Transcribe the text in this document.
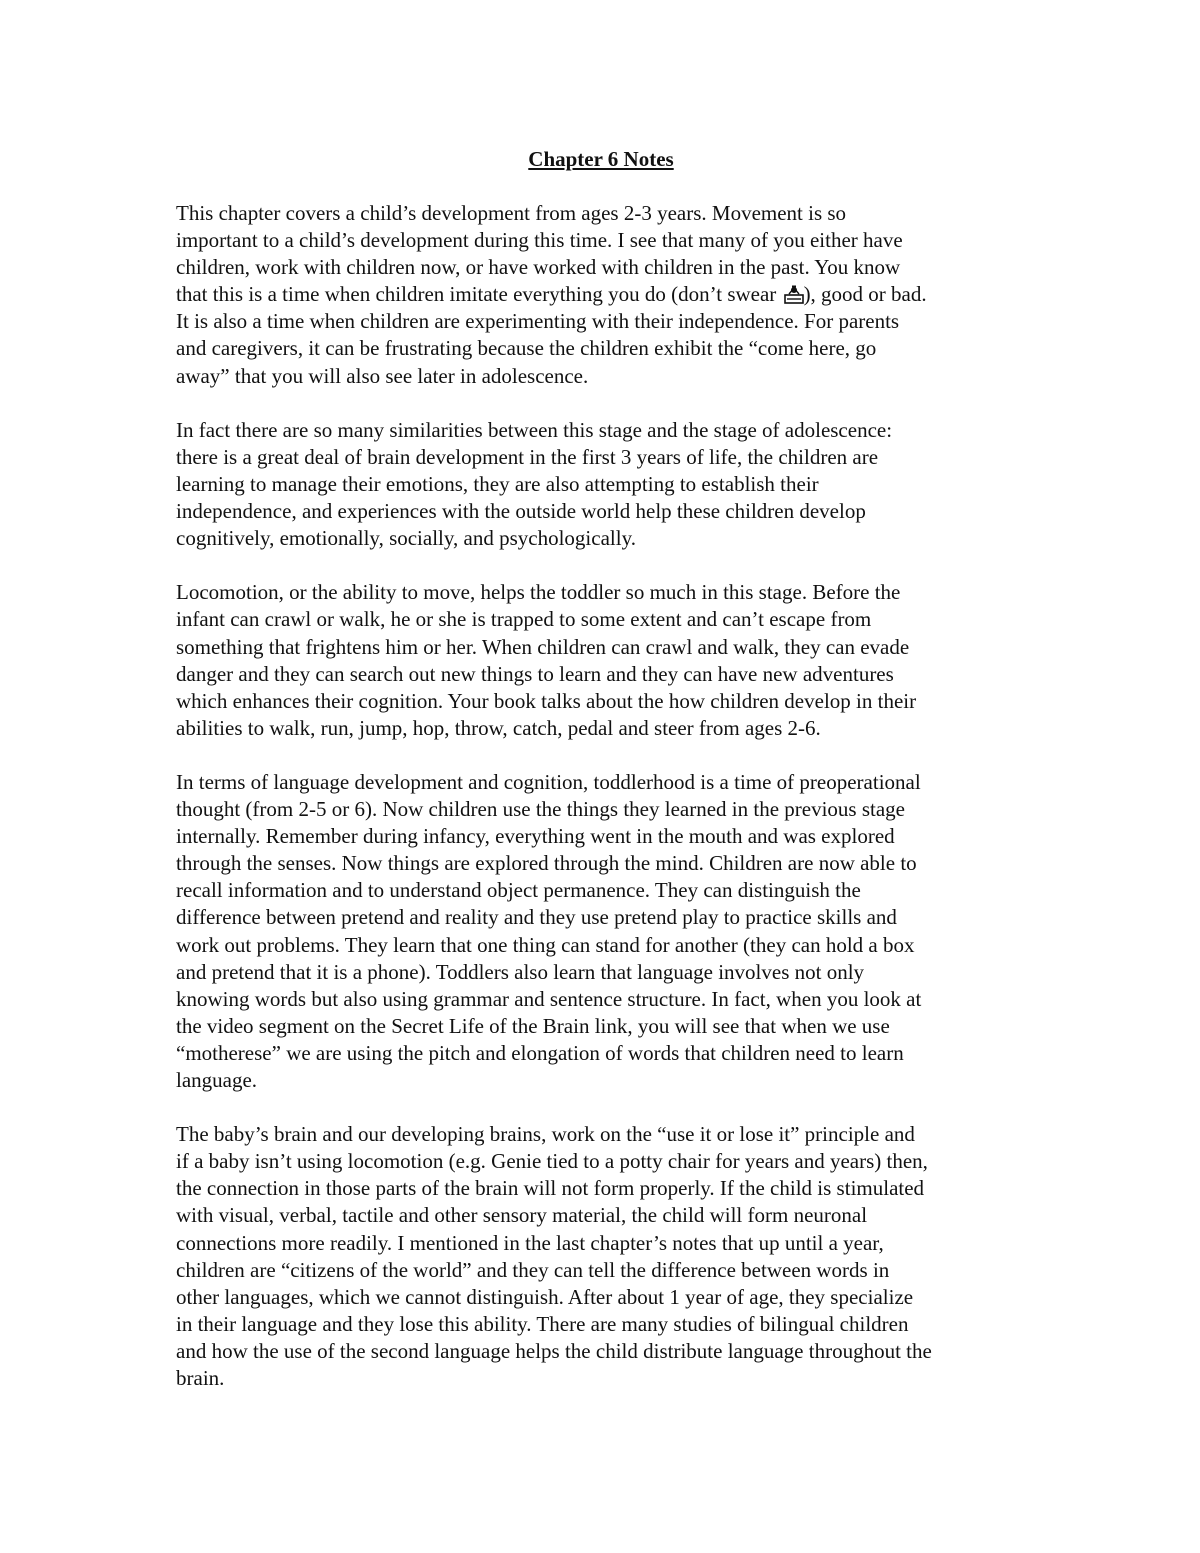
Chapter 6 Notes
This chapter covers a child’s development from ages 2-3 years. Movement is so
important to a child’s development during this time. I see that many of you either have
children, work with children now, or have worked with children in the past. You know
that this is a time when children imitate everything you do (don’t swear ), good or bad.
It is also a time when children are experimenting with their independence. For parents
and caregivers, it can be frustrating because the children exhibit the “come here, go
away” that you will also see later in adolescence.
In fact there are so many similarities between this stage and the stage of adolescence:
there is a great deal of brain development in the first 3 years of life, the children are
learning to manage their emotions, they are also attempting to establish their
independence, and experiences with the outside world help these children develop
cognitively, emotionally, socially, and psychologically.
Locomotion, or the ability to move, helps the toddler so much in this stage. Before the
infant can crawl or walk, he or she is trapped to some extent and can’t escape from
something that frightens him or her. When children can crawl and walk, they can evade
danger and they can search out new things to learn and they can have new adventures
which enhances their cognition. Your book talks about the how children develop in their
abilities to walk, run, jump, hop, throw, catch, pedal and steer from ages 2-6.
In terms of language development and cognition, toddlerhood is a time of preoperational
thought (from 2-5 or 6). Now children use the things they learned in the previous stage
internally. Remember during infancy, everything went in the mouth and was explored
through the senses. Now things are explored through the mind. Children are now able to
recall information and to understand object permanence. They can distinguish the
difference between pretend and reality and they use pretend play to practice skills and
work out problems. They learn that one thing can stand for another (they can hold a box
and pretend that it is a phone). Toddlers also learn that language involves not only
knowing words but also using grammar and sentence structure. In fact, when you look at
the video segment on the Secret Life of the Brain link, you will see that when we use
“motherese” we are using the pitch and elongation of words that children need to learn
language.
The baby’s brain and our developing brains, work on the “use it or lose it” principle and
if a baby isn’t using locomotion (e.g. Genie tied to a potty chair for years and years) then,
the connection in those parts of the brain will not form properly. If the child is stimulated
with visual, verbal, tactile and other sensory material, the child will form neuronal
connections more readily. I mentioned in the last chapter’s notes that up until a year,
children are “citizens of the world” and they can tell the difference between words in
other languages, which we cannot distinguish. After about 1 year of age, they specialize
in their language and they lose this ability. There are many studies of bilingual children
and how the use of the second language helps the child distribute language throughout the
brain.
